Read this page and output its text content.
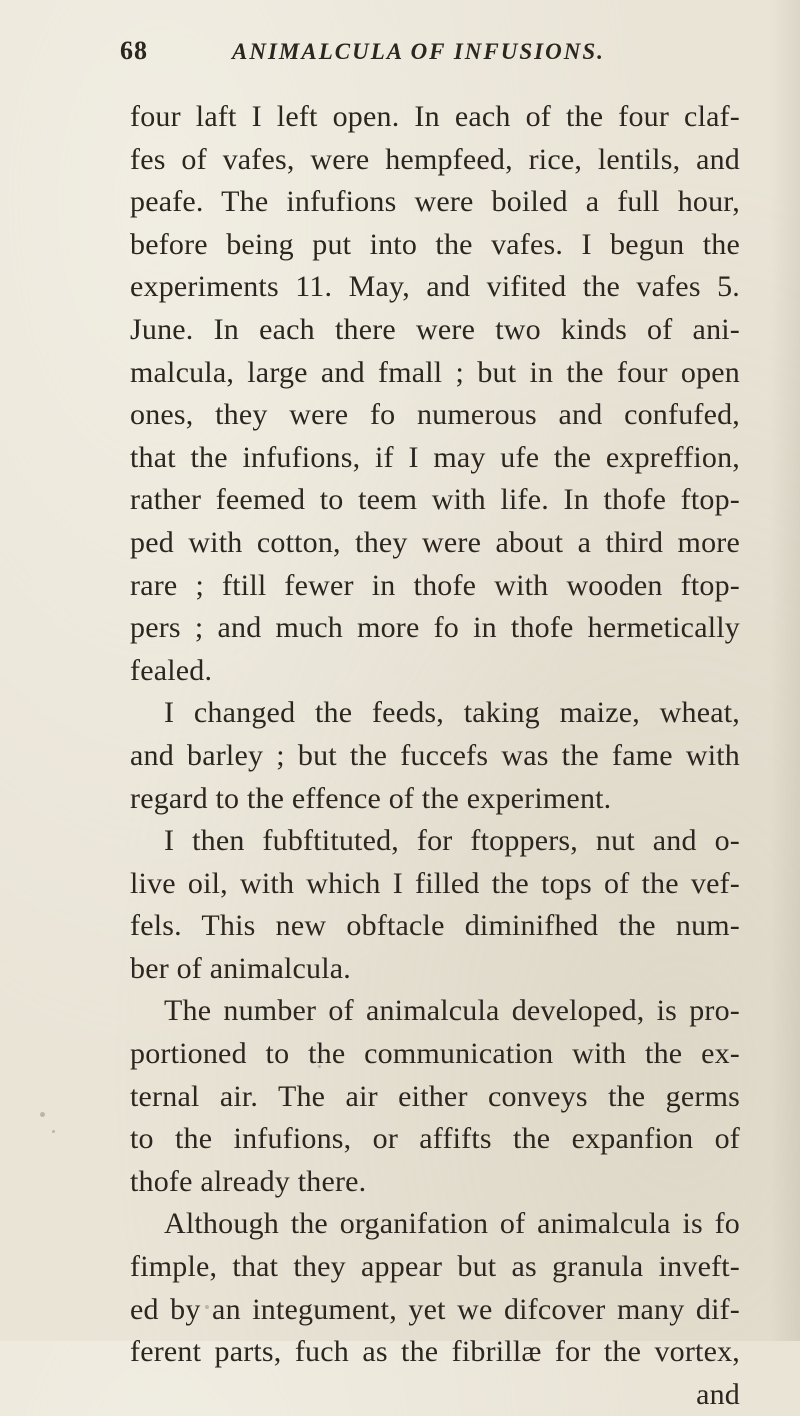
68	ANIMALCULA OF INFUSIONS.
four laft I left open. In each of the four claf-
fes of vafes, were hempfeed, rice, lentils, and
peafe. The infufions were boiled a full hour,
before being put into the vafes. I begun the
experiments 11. May, and vifited the vafes 5.
June. In each there were two kinds of ani-
malcula, large and fmall ; but in the four open
ones, they were fo numerous and confufed,
that the infufions, if I may ufe the expreffion,
rather feemed to teem with life. In thofe ftop-
ped with cotton, they were about a third more
rare ; ftill fewer in thofe with wooden ftop-
pers ; and much more fo in thofe hermetically
fealed.
I changed the feeds, taking maize, wheat,
and barley ; but the fuccefs was the fame with
regard to the effence of the experiment.
I then fubftituted, for ftoppers, nut and o-
live oil, with which I filled the tops of the vef-
fels. This new obftacle diminifhed the num-
ber of animalcula.
The number of animalcula developed, is pro-
portioned to the communication with the ex-
ternal air. The air either conveys the germs
to the infufions, or affifts the expanfion of
thofe already there.
Although the organifation of animalcula is fo
fimple, that they appear but as granula inveft-
ed by an integument, yet we difcover many dif-
ferent parts, fuch as the fibrillæ for the vortex,
and
